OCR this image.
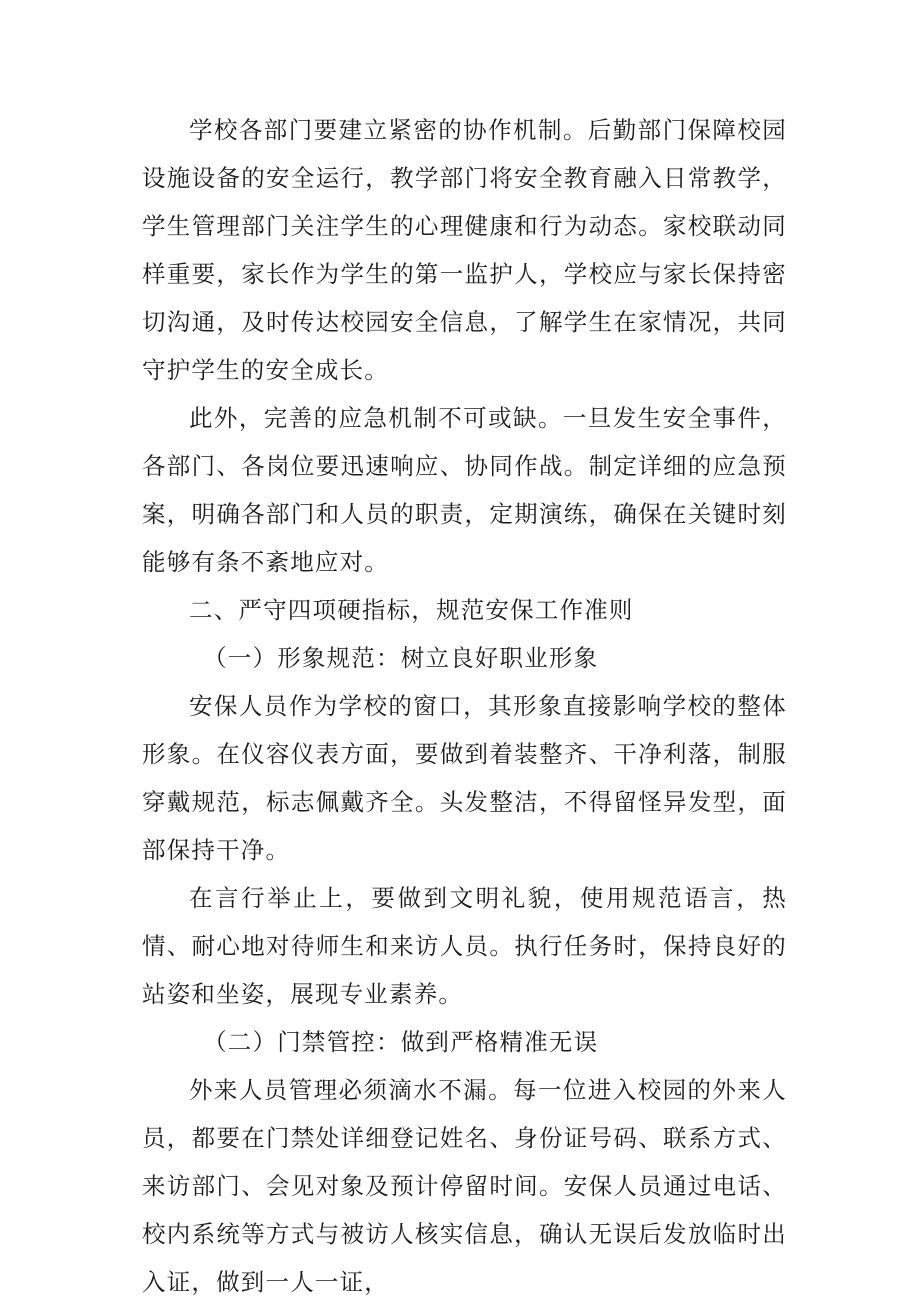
学校各部门要建立紧密的协作机制。后勤部门保障校园设施设备的安全运行，教学部门将安全教育融入日常教学，学生管理部门关注学生的心理健康和行为动态。家校联动同样重要，家长作为学生的第一监护人，学校应与家长保持密切沟通，及时传达校园安全信息，了解学生在家情况，共同守护学生的安全成长。

此外，完善的应急机制不可或缺。一旦发生安全事件，各部门、各岗位要迅速响应、协同作战。制定详细的应急预案，明确各部门和人员的职责，定期演练，确保在关键时刻能够有条不紊地应对。

二、严守四项硬指标，规范安保工作准则
（一）形象规范：树立良好职业形象

安保人员作为学校的窗口，其形象直接影响学校的整体形象。在仪容仪表方面，要做到着装整齐、干净利落，制服穿戴规范，标志佩戴齐全。头发整洁，不得留怪异发型，面部保持干净。

在言行举止上，要做到文明礼貌，使用规范语言，热情、耐心地对待师生和来访人员。执行任务时，保持良好的站姿和坐姿，展现专业素养。

（二）门禁管控：做到严格精准无误

外来人员管理必须滴水不漏。每一位进入校园的外来人员，都要在门禁处详细登记姓名、身份证号码、联系方式、来访部门、会见对象及预计停留时间。安保人员通过电话、校内系统等方式与被访人核实信息，确认无误后发放临时出入证，做到一人一证，
